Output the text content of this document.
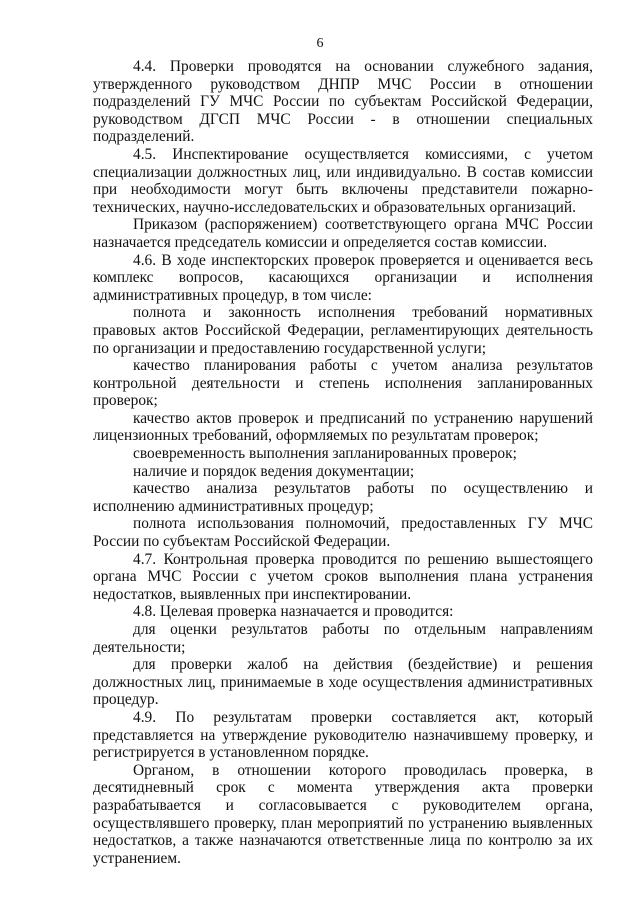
6

4.4. Проверки проводятся на основании служебного задания, утвержденного руководством ДНПР МЧС России в отношении подразделений ГУ МЧС России по субъектам Российской Федерации, руководством ДГСП МЧС России - в отношении специальных подразделений.

4.5. Инспектирование осуществляется комиссиями, с учетом специализации должностных лиц, или индивидуально. В состав комиссии при необходимости могут быть включены представители пожарно-технических, научно-исследовательских и образовательных организаций.

Приказом (распоряжением) соответствующего органа МЧС России назначается председатель комиссии и определяется состав комиссии.

4.6. В ходе инспекторских проверок проверяется и оценивается весь комплекс вопросов, касающихся организации и исполнения административных процедур, в том числе:

полнота и законность исполнения требований нормативных правовых актов Российской Федерации, регламентирующих деятельность по организации и предоставлению государственной услуги;

качество планирования работы с учетом анализа результатов контрольной деятельности и степень исполнения запланированных проверок;

качество актов проверок и предписаний по устранению нарушений лицензионных требований, оформляемых по результатам проверок;

своевременность выполнения запланированных проверок;

наличие и порядок ведения документации;

качество анализа результатов работы по осуществлению и исполнению административных процедур;

полнота использования полномочий, предоставленных ГУ МЧС России по субъектам Российской Федерации.

4.7. Контрольная проверка проводится по решению вышестоящего органа МЧС России с учетом сроков выполнения плана устранения недостатков, выявленных при инспектировании.

4.8. Целевая проверка назначается и проводится:

для оценки результатов работы по отдельным направлениям деятельности;

для проверки жалоб на действия (бездействие) и решения должностных лиц, принимаемые в ходе осуществления административных процедур.

4.9. По результатам проверки составляется акт, который представляется на утверждение руководителю назначившему проверку, и регистрируется в установленном порядке.

Органом, в отношении которого проводилась проверка, в десятидневный срок с момента утверждения акта проверки разрабатывается и согласовывается с руководителем органа, осуществлявшего проверку, план мероприятий по устранению выявленных недостатков, а также назначаются ответственные лица по контролю за их устранением.
